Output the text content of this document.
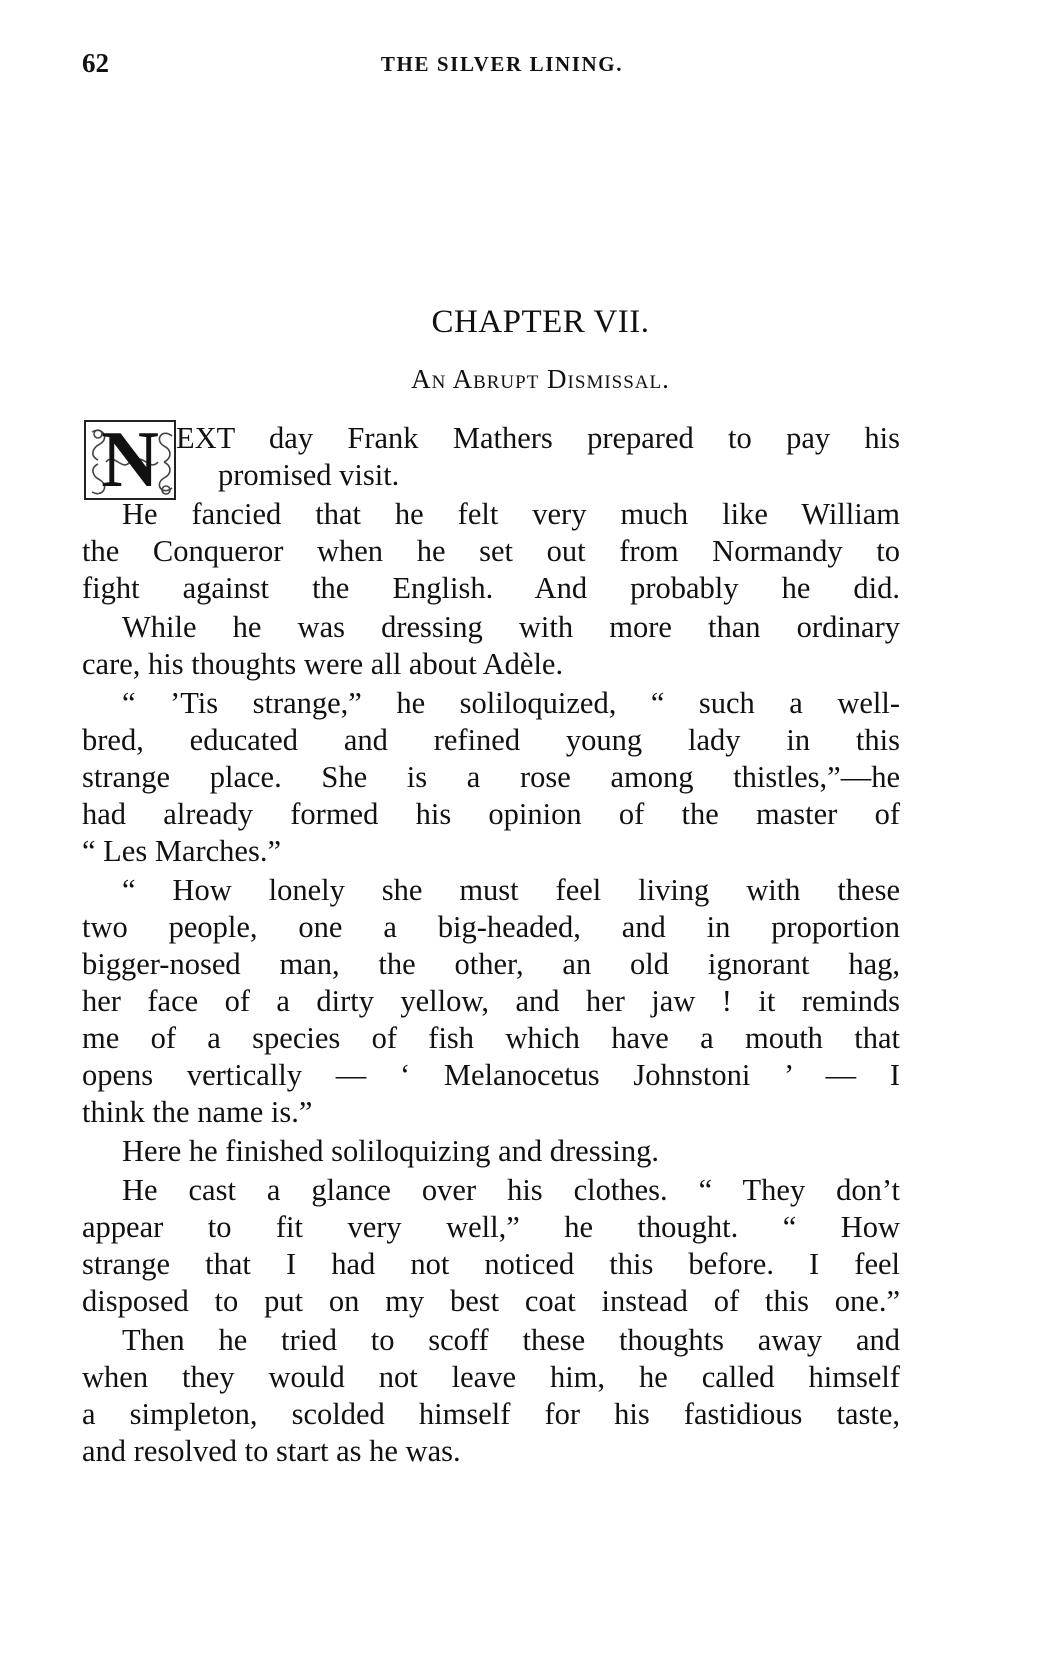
62	THE SILVER LINING.
CHAPTER VII.
An Abrupt Dismissal.
N EXT day Frank Mathers prepared to pay his
promised visit.
He fancied that he felt very much like William
the Conqueror when he set out from Normandy to
fight against the English. And probably he did.
While he was dressing with more than ordinary
care, his thoughts were all about Adèle.
“ ’Tis strange,” he soliloquized, “ such a well-
bred, educated and refined young lady in this
strange place. She is a rose among thistles,”—he
had already formed his opinion of the master of
“ Les Marches.”
“ How lonely she must feel living with these
two people, one a big-headed, and in proportion
bigger-nosed man, the other, an old ignorant hag,
her face of a dirty yellow, and her jaw ! it reminds
me of a species of fish which have a mouth that
opens vertically — ‘ Melanocetus Johnstoni ’ — I
think the name is.”
Here he finished soliloquizing and dressing.
He cast a glance over his clothes. “ They don’t
appear to fit very well,” he thought. “ How
strange that I had not noticed this before. I feel
disposed to put on my best coat instead of this one.”
Then he tried to scoff these thoughts away and
when they would not leave him, he called himself
a simpleton, scolded himself for his fastidious taste,
and resolved to start as he was.
